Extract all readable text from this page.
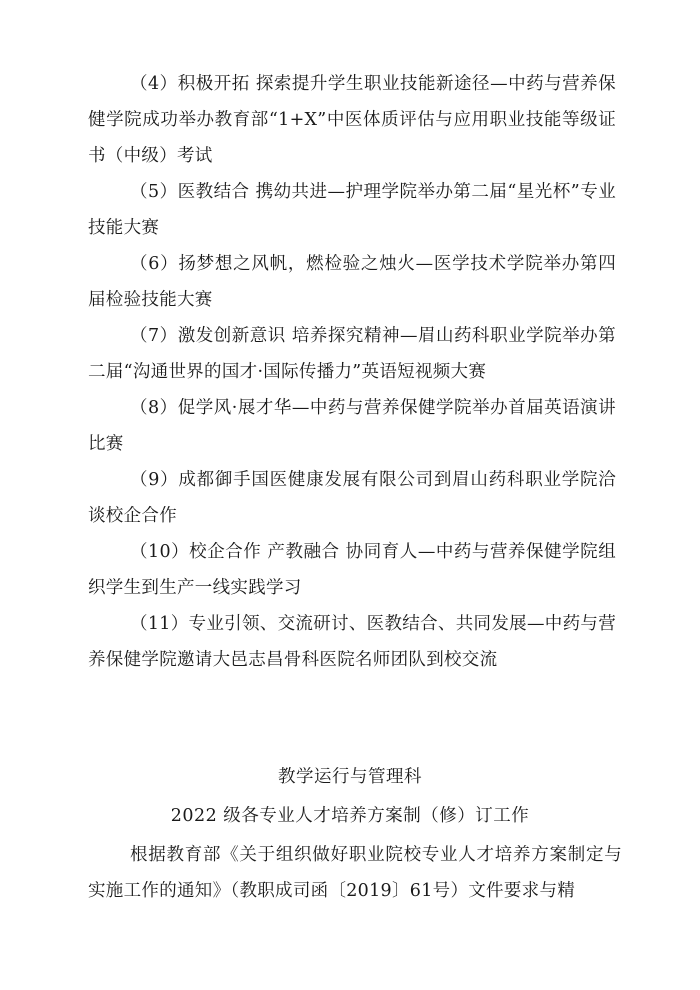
（4）积极开拓 探索提升学生职业技能新途径—中药与营养保健学院成功举办教育部“1+X”中医体质评估与应用职业技能等级证书（中级）考试
（5）医教结合 携幼共进—护理学院举办第二届“星光杯”专业技能大赛
（6）扬梦想之风帆，燃检验之烛火—医学技术学院举办第四届检验技能大赛
（7）激发创新意识 培养探究精神—眉山药科职业学院举办第二届“沟通世界的国才·国际传播力”英语短视频大赛
（8）促学风·展才华—中药与营养保健学院举办首届英语演讲比赛
（9）成都御手国医健康发展有限公司到眉山药科职业学院洽谈校企合作
（10）校企合作 产教融合 协同育人—中药与营养保健学院组织学生到生产一线实践学习
（11）专业引领、交流研讨、医教结合、共同发展—中药与营养保健学院邀请大邑志昌骨科医院名师团队到校交流
教学运行与管理科
2022 级各专业人才培养方案制（修）订工作
根据教育部《关于组织做好职业院校专业人才培养方案制定与实施工作的通知》（教职成司函〔2019〕61号）文件要求与精
